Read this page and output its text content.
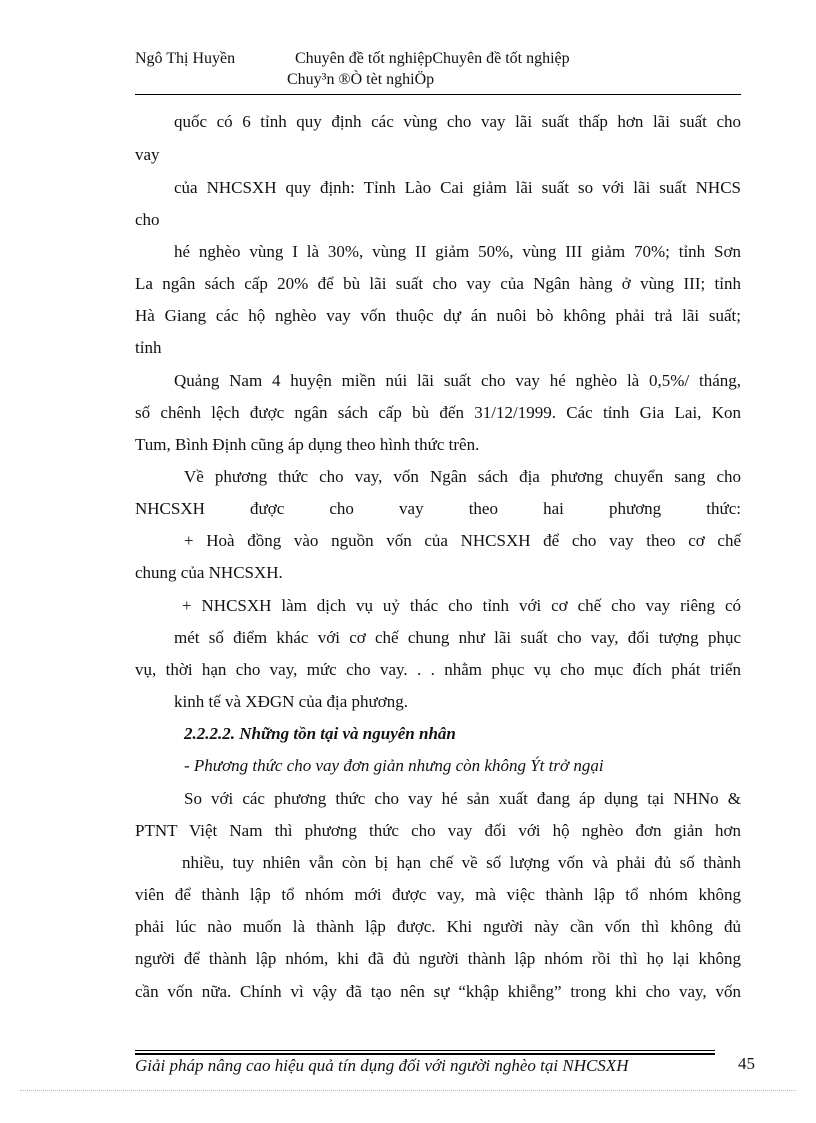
Ngô Thị Huyền	Chuyên đề tốt nghiệpChuyên đề tốt nghiệp
Chuy³n ®Ò tèt nghiÖp
quốc có 6 tỉnh quy định các vùng cho vay lãi suất thấp hơn lãi suất cho
vay
của NHCSXH quy định: Tỉnh Lào Cai giảm lãi suất so với lãi suất NHCS
cho
hé nghèo vùng I là 30%, vùng II giảm 50%, vùng III giảm 70%; tỉnh Sơn
La ngân sách cấp 20% để bù lãi suất cho vay của Ngân hàng ở vùng III; tỉnh
Hà Giang các hộ nghèo vay vốn thuộc dự án nuôi bò không phải trả lãi suất;
tỉnh
Quảng Nam 4 huyện miền núi lãi suất cho vay hé nghèo là 0,5%/ tháng,
số chênh lệch được ngân sách cấp bù đến 31/12/1999. Các tỉnh Gia Lai, Kon
Tum, Bình Định cũng áp dụng theo hình thức trên.
Về phương thức cho vay, vốn Ngân sách địa phương chuyển sang cho
NHCSXH được cho vay theo hai phương thức:
+ Hoà đồng vào nguồn vốn của NHCSXH để cho vay theo cơ chế
chung của NHCSXH.
+ NHCSXH làm dịch vụ uỷ thác cho tỉnh với cơ chế cho vay riêng có
mét số điểm khác với cơ chế chung như lãi suất cho vay, đối tượng phục
vụ, thời hạn cho vay, mức cho vay. . . nhằm phục vụ cho mục đích phát triển
kinh tế và XĐGN của địa phương.
2.2.2.2. Những tồn tại và nguyên nhân
- Phương thức cho vay đơn giản nhưng còn không Ýt trở ngại
So với các phương thức cho vay hé sản xuất đang áp dụng tại NHNo &
PTNT Việt Nam thì phương thức cho vay đối với hộ nghèo đơn giản hơn
nhiều, tuy nhiên vẫn còn bị hạn chế về số lượng vốn và phải đủ số thành
viên để thành lập tổ nhóm mới được vay, mà việc thành lập tổ nhóm không
phải lúc nào muốn là thành lập được. Khi người này cần vốn thì không đủ
người để thành lập nhóm, khi đã đủ người thành lập nhóm rồi thì họ lại không
cần vốn nữa. Chính vì vậy đã tạo nên sự “khập khiễng” trong khi cho vay, vốn
Giải pháp nâng cao hiệu quả tín dụng đối với người nghèo tại NHCSXH	45
